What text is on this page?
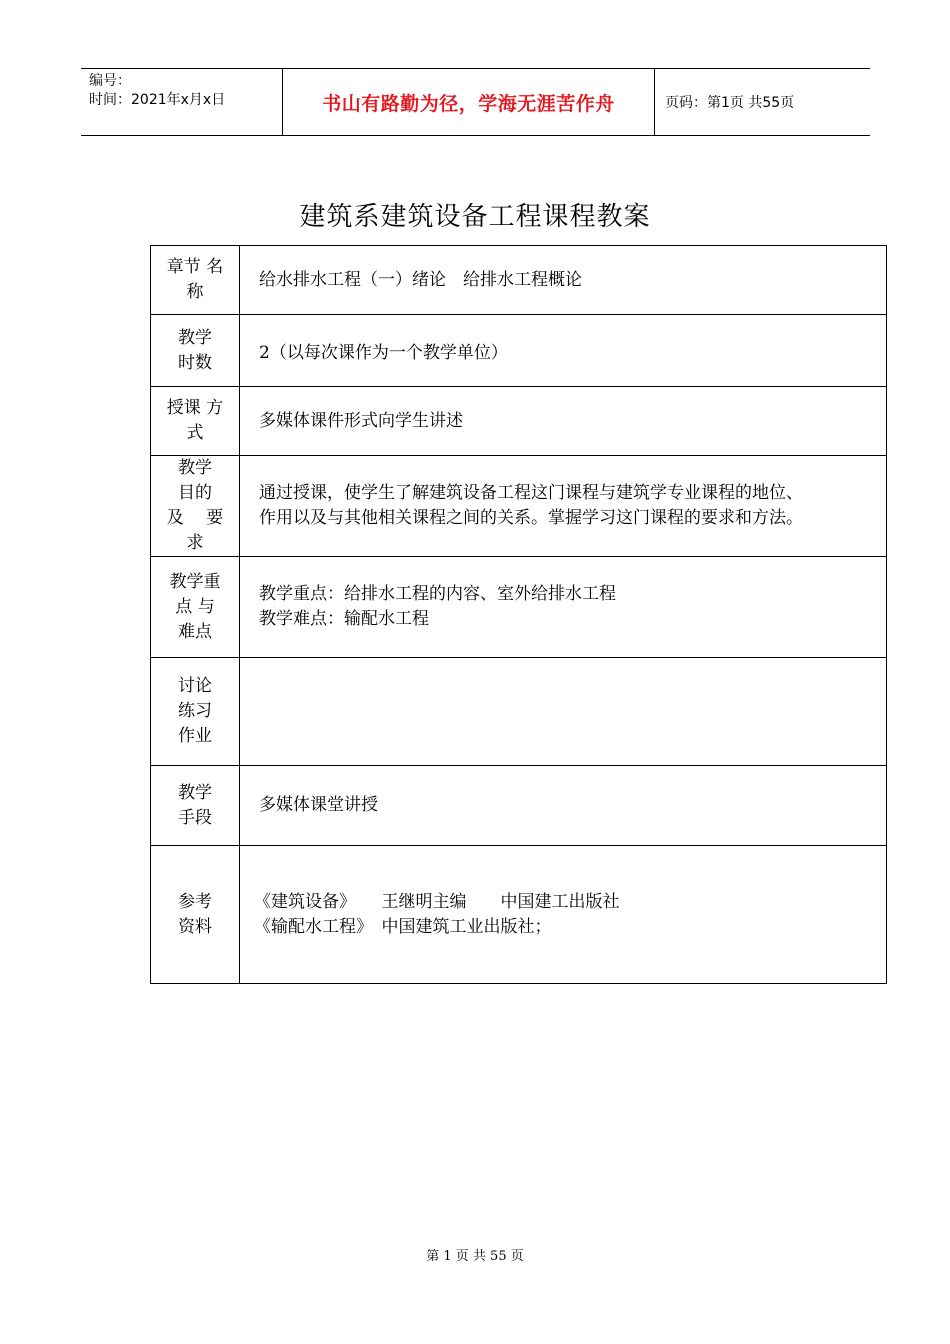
编号：
时间：2021年x月x日	书山有路勤为径，学海无涯苦作舟	页码：第1页 共55页
建筑系建筑设备工程课程教案
章节 名
称	给水排水工程（一）绪论　给排水工程概论

教学
时数	2（以每次课作为一个教学单位）

授课 方
式	多媒体课件形式向学生讲述

教学
目的
及　 要
求	通过授课，使学生了解建筑设备工程这门课程与建筑学专业课程的地位、
作用以及与其他相关课程之间的关系。掌握学习这门课程的要求和方法。

教学重
点 与
难点	教学重点：给排水工程的内容、室外给排水工程
教学难点：输配水工程

讨论
练习
作业	

教学
手段	多媒体课堂讲授

参考
资料	《建筑设备》　　王继明主编　　中国建工出版社
《输配水工程》　中国建筑工业出版社；
第 1 页 共 55 页
